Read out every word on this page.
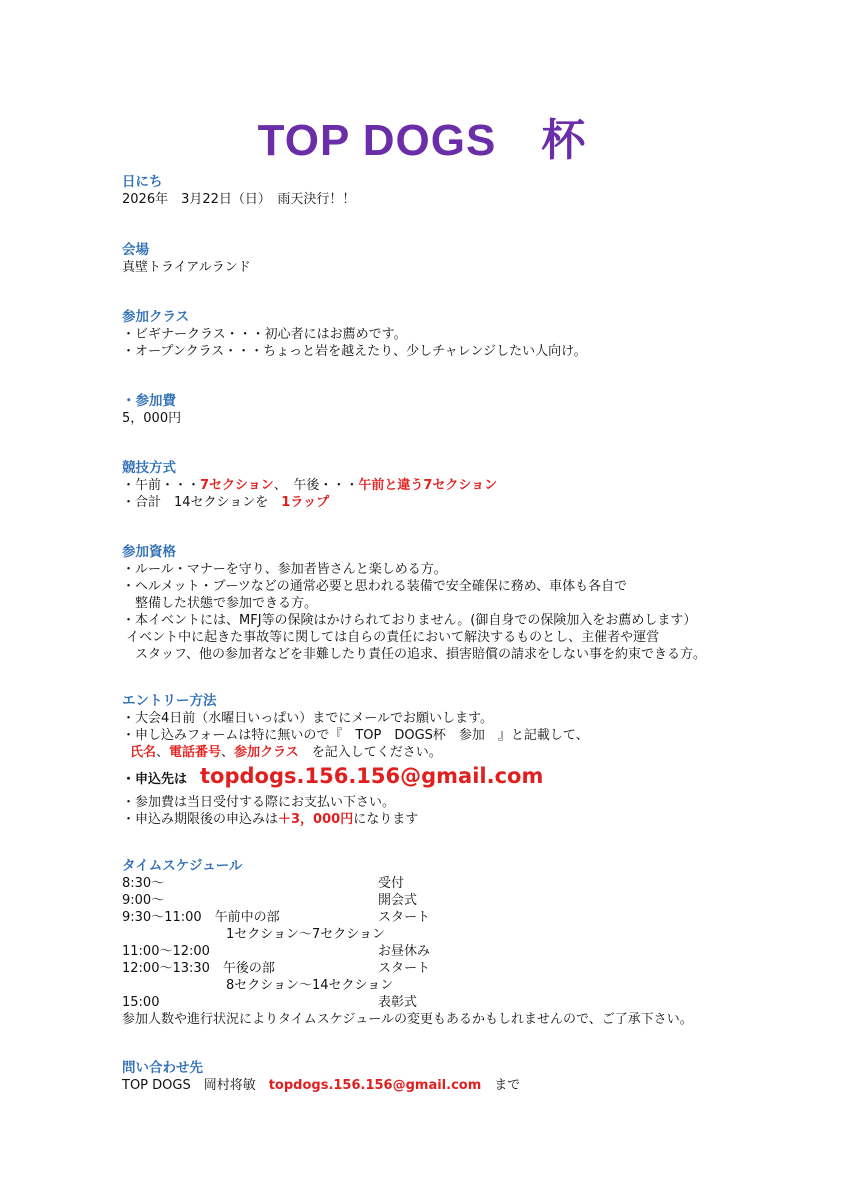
TOP DOGS　杯
日にち
2026年　3月22日（日）　雨天決行！！
会場
真壁トライアルランド
参加クラス
・ビギナークラス・・・初心者にはお薦めです。
・オープンクラス・・・ちょっと岩を越えたり、少しチャレンジしたい人向け。
・参加費
5，000円
競技方式
・午前・・・7セクション、　午後・・・午前と違う7セクション
・合計　14セクションを　1ラップ
参加資格
・ルール・マナーを守り、参加者皆さんと楽しめる方。
・ヘルメット・ブーツなどの通常必要と思われる装備で安全確保に務め、車体も各自で
　整備した状態で参加できる方。
・本イベントには、MFJ等の保険はかけられておりません。(御自身での保険加入をお薦めします）
イベント中に起きた事故等に関しては自らの責任において解決するものとし、主催者や運営
　スタッフ、他の参加者などを非難したり責任の追求、損害賠償の請求をしない事を約束できる方。
エントリー方法
・大会4日前（水曜日いっぱい）までにメールでお願いします。
・申し込みフォームは特に無いので『　TOP　DOGS杯　参加　』と記載して、
氏名、電話番号、参加クラス　を記入してください。
・申込先は　topdogs.156.156@gmail.com
・参加費は当日受付する際にお支払い下さい。
・申込み期限後の申込みは＋3，000円になります
タイムスケジュール
8:30～	受付
9:00～	開会式
9:30～11:00　午前中の部	スタート
　　　　　　　　1セクション～7セクション
11:00～12:00	お昼休み
12:00～13:30　午後の部	スタート
　　　　　　　　8セクション～14セクション
15:00	表彰式
参加人数や進行状況によりタイムスケジュールの変更もあるかもしれませんので、ご了承下さい。
問い合わせ先
TOP DOGS　岡村将敏　topdogs.156.156@gmail.com　まで
